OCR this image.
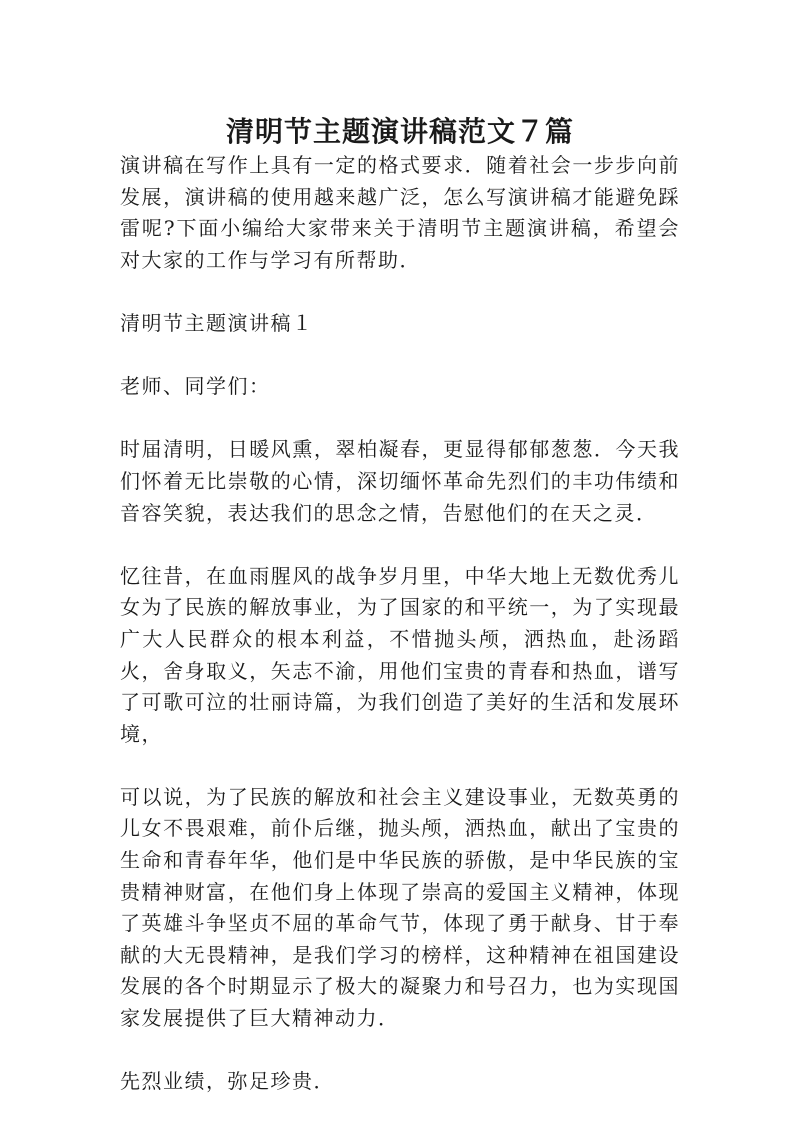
清明节主题演讲稿范文７篇

演讲稿在写作上具有一定的格式要求．随着社会一步步向前发展，演讲稿的使用越来越广泛，怎么写演讲稿才能避免踩雷呢?下面小编给大家带来关于清明节主题演讲稿，希望会对大家的工作与学习有所帮助．

清明节主题演讲稿１

老师、同学们：

时届清明，日暖风熏，翠柏凝春，更显得郁郁葱葱．今天我们怀着无比崇敬的心情，深切缅怀革命先烈们的丰功伟绩和音容笑貌，表达我们的思念之情，告慰他们的在天之灵．

忆往昔，在血雨腥风的战争岁月里，中华大地上无数优秀儿女为了民族的解放事业，为了国家的和平统一，为了实现最广大人民群众的根本利益，不惜抛头颅，洒热血，赴汤蹈火，舍身取义，矢志不渝，用他们宝贵的青春和热血，谱写了可歌可泣的壮丽诗篇，为我们创造了美好的生活和发展环境，

可以说，为了民族的解放和社会主义建设事业，无数英勇的儿女不畏艰难，前仆后继，抛头颅，洒热血，献出了宝贵的生命和青春年华，他们是中华民族的骄傲，是中华民族的宝贵精神财富，在他们身上体现了崇高的爱国主义精神，体现了英雄斗争坚贞不屈的革命气节，体现了勇于献身、甘于奉献的大无畏精神，是我们学习的榜样，这种精神在祖国建设发展的各个时期显示了极大的凝聚力和号召力，也为实现国家发展提供了巨大精神动力．

先烈业绩，弥足珍贵．
